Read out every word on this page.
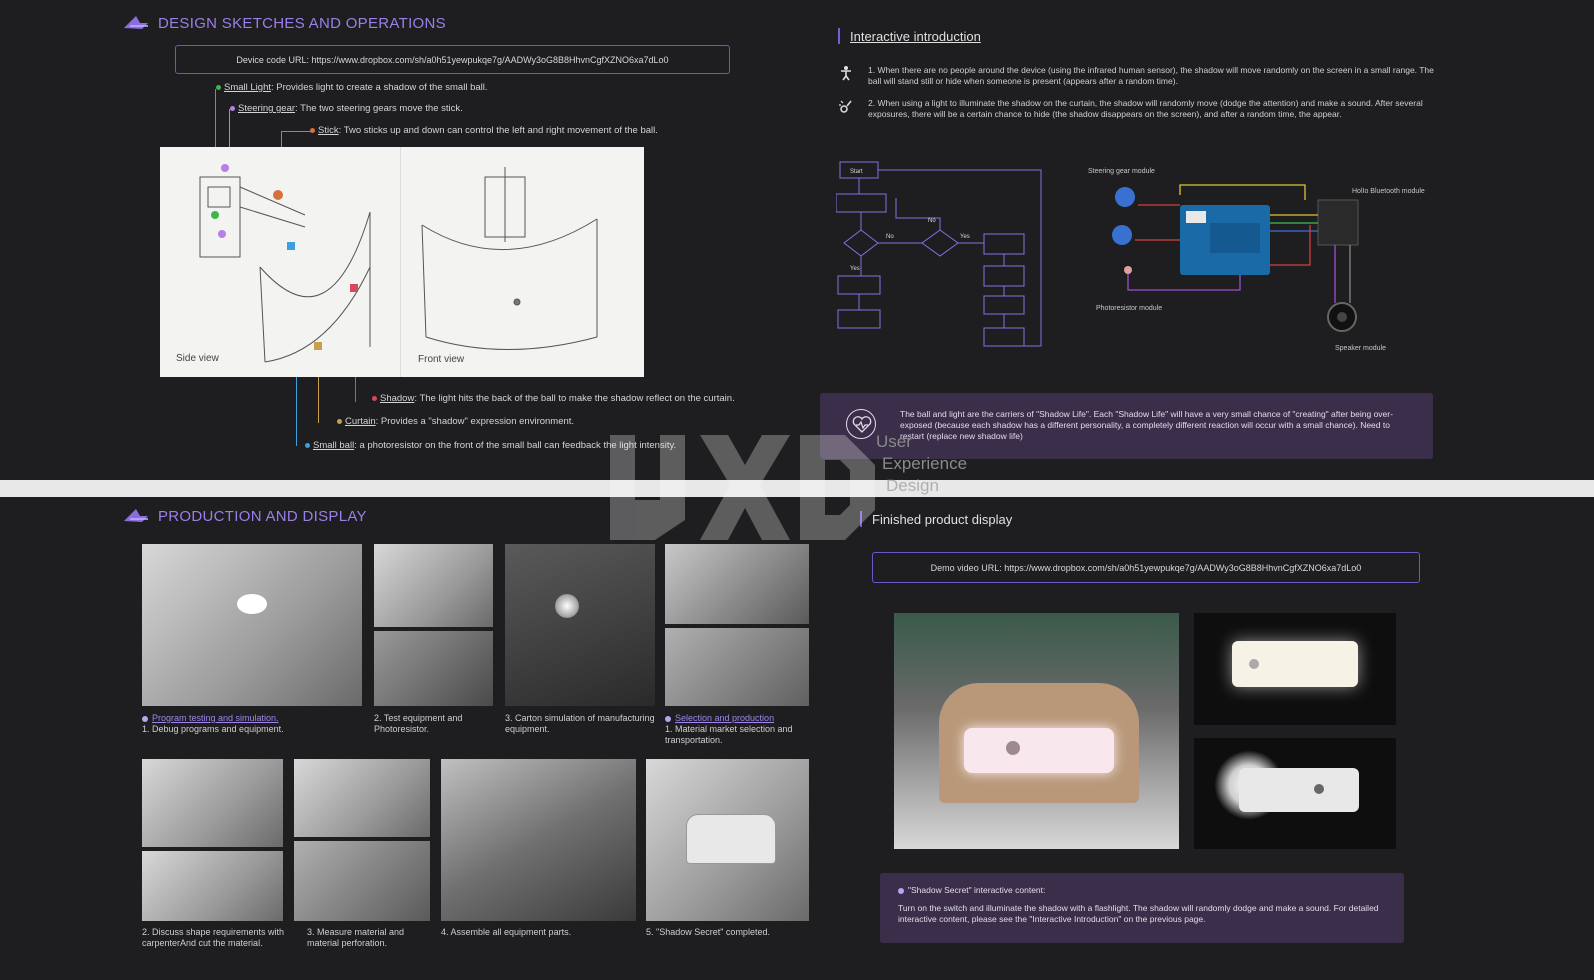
DESIGN SKETCHES AND OPERATIONS
Device code URL: https://www.dropbox.com/sh/a0h51yewpukqe7g/AADWy3oG8B8HhvnCgfXZNO6xa7dLo0
Small Light: Provides light to create a shadow of the small ball.
Steering gear: The two steering gears move the stick.
Stick: Two sticks up and down can control the left and right movement of the ball.
Side view	Front view
Shadow: The light hits the back of the ball to make the shadow reflect on the curtain.
Curtain: Provides a "shadow" expression environment.
Small ball: a photoresistor on the front of the small ball can feedback the light intensity.
Interactive introduction
1. When there are no people around the device (using the infrared human sensor), the shadow will move randomly on the screen in a small range. The ball will stand still or hide when someone is present (appears after a random time).
2. When using a light to illuminate the shadow on the curtain, the shadow will randomly move (dodge the attention) and make a sound. After several exposures, there will be a certain chance to hide (the shadow disappears on the screen), and after a random time, the appear.
Start
Yes
No
No
Yes
Steering gear module
HolIo Bluetooth module
Photoresistor module
Speaker module
The ball and light are the carriers of "Shadow Life". Each "Shadow Life" will have a very small chance of "creating" after being over-exposed (because each shadow has a different personality, a completely different reaction will occur with a small chance). Need to restart (replace new shadow life)
PRODUCTION AND DISPLAY
Program testing and simulation.
1. Debug programs and equipment.
2. Test equipment and Photoresistor.
3. Carton simulation of manufacturing equipment.
Selection and production
1. Material market selection and transportation.
2. Discuss shape requirements with carpenterAnd cut the material.
3. Measure material and material perforation.
4. Assemble all equipment parts.	5. "Shadow Secret" completed.
Finished product display
Demo video URL: https://www.dropbox.com/sh/a0h51yewpukqe7g/AADWy3oG8B8HhvnCgfXZNO6xa7dLo0
"Shadow Secret" interactive content:
Turn on the switch and illuminate the shadow with a flashlight. The shadow will randomly dodge and make a sound. For detailed interactive content, please see the "Interactive Introduction" on the previous page.
User
Experience
Design
